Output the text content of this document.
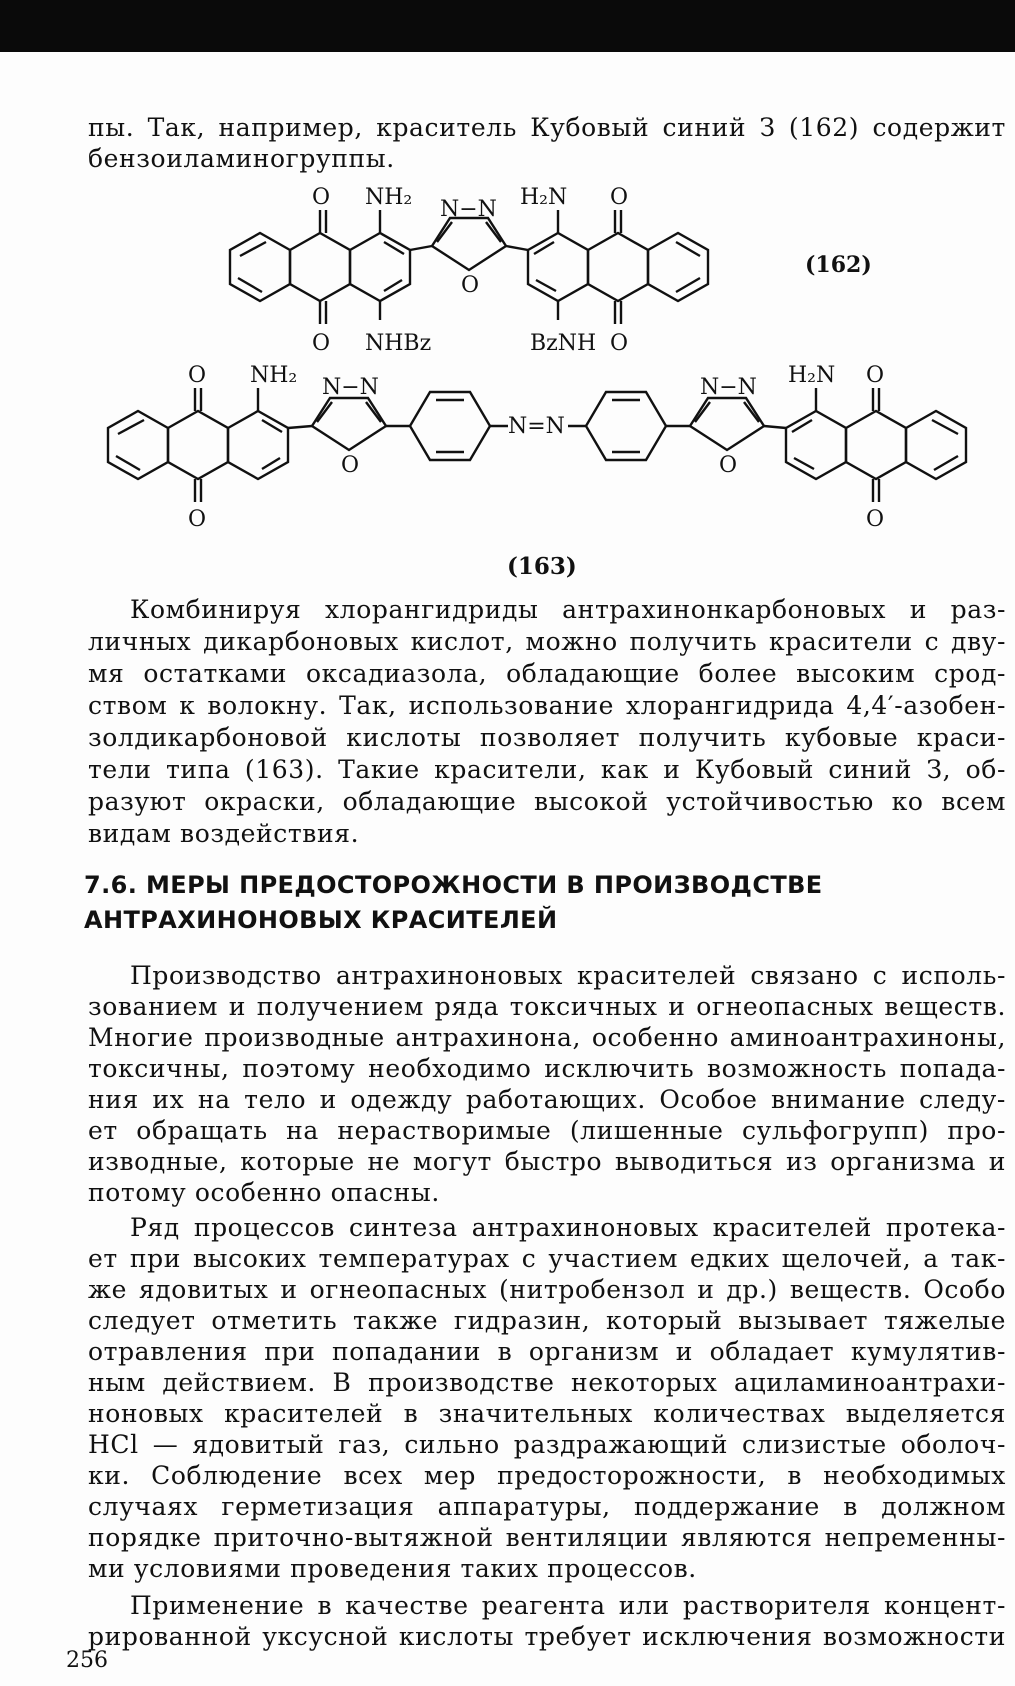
пы. Так, например, краситель Кубовый синий З (162) содержит
бензоиламиногруппы.
O NH₂ N−N H₂N O
O
O NHBz	BzNH O
(162)
O NH₂ N−N
N=N
N−N H₂N O
O	O
O	O
(163)
Комбинируя хлорангидриды антрахинонкарбоновых и раз-
личных дикарбоновых кислот, можно получить красители с дву-
мя остатками оксадиазола, обладающие более высоким срод-
ством к волокну. Так, использование хлорангидрида 4,4′-азобен-
золдикарбоновой кислоты позволяет получить кубовые краси-
тели типа (163). Такие красители, как и Кубовый синий З, об-
разуют окраски, обладающие высокой устойчивостью ко всем
видам воздействия.
7.6. МЕРЫ ПРЕДОСТОРОЖНОСТИ В ПРОИЗВОДСТВЕ
АНТРАХИНОНОВЫХ КРАСИТЕЛЕЙ
Производство антрахиноновых красителей связано с исполь-
зованием и получением ряда токсичных и огнеопасных веществ.
Многие производные антрахинона, особенно аминоантрахиноны,
токсичны, поэтому необходимо исключить возможность попада-
ния их на тело и одежду работающих. Особое внимание следу-
ет обращать на нерастворимые (лишенные сульфогрупп) про-
изводные, которые не могут быстро выводиться из организма и
потому особенно опасны.
Ряд процессов синтеза антрахиноновых красителей протека-
ет при высоких температурах с участием едких щелочей, а так-
же ядовитых и огнеопасных (нитробензол и др.) веществ. Особо
следует отметить также гидразин, который вызывает тяжелые
отравления при попадании в организм и обладает кумулятив-
ным действием. В производстве некоторых ациламиноантрахи-
ноновых красителей в значительных количествах выделяется
HCl — ядовитый газ, сильно раздражающий слизистые оболоч-
ки. Соблюдение всех мер предосторожности, в необходимых
случаях герметизация аппаратуры, поддержание в должном
порядке приточно-вытяжной вентиляции являются непременны-
ми условиями проведения таких процессов.
Применение в качестве реагента или растворителя концент-
рированной уксусной кислоты требует исключения возможности
256
